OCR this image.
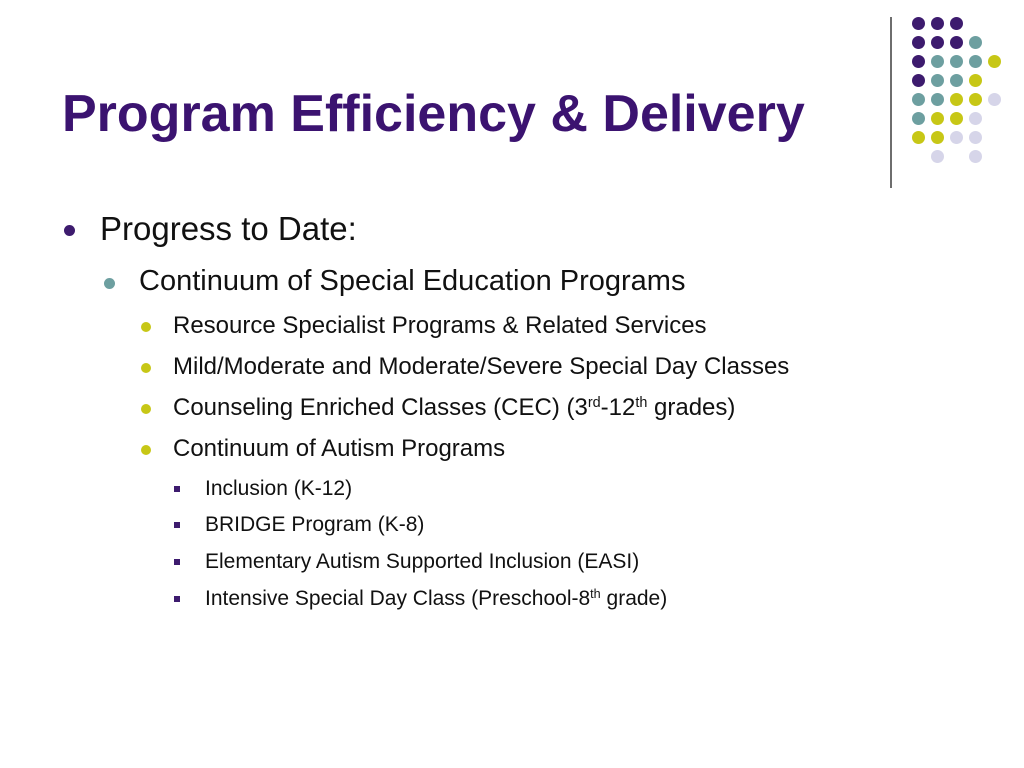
Program Efficiency & Delivery
Progress to Date:
Continuum of Special Education Programs
Resource Specialist Programs & Related Services
Mild/Moderate and Moderate/Severe Special Day Classes
Counseling Enriched Classes (CEC) (3rd-12th grades)
Continuum of Autism Programs
Inclusion (K-12)
BRIDGE Program (K-8)
Elementary Autism Supported Inclusion (EASI)
Intensive Special Day Class (Preschool-8th grade)
